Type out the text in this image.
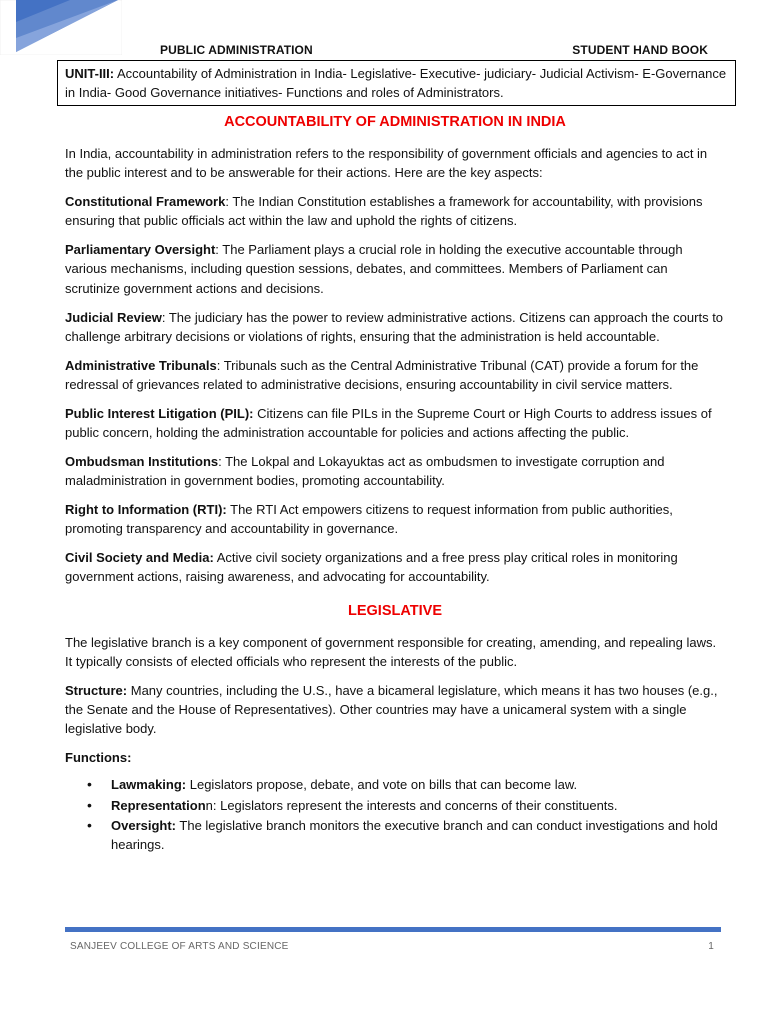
PUBLIC ADMINISTRATION	STUDENT HAND BOOK
UNIT-III: Accountability of Administration in India- Legislative- Executive- judiciary- Judicial Activism- E-Governance in India- Good Governance initiatives- Functions and roles of Administrators.
ACCOUNTABILITY OF ADMINISTRATION IN INDIA

In India, accountability in administration refers to the responsibility of government officials and agencies to act in the public interest and to be answerable for their actions. Here are the key aspects:

Constitutional Framework: The Indian Constitution establishes a framework for accountability, with provisions ensuring that public officials act within the law and uphold the rights of citizens.

Parliamentary Oversight: The Parliament plays a crucial role in holding the executive accountable through various mechanisms, including question sessions, debates, and committees. Members of Parliament can scrutinize government actions and decisions.

Judicial Review: The judiciary has the power to review administrative actions. Citizens can approach the courts to challenge arbitrary decisions or violations of rights, ensuring that the administration is held accountable.

Administrative Tribunals: Tribunals such as the Central Administrative Tribunal (CAT) provide a forum for the redressal of grievances related to administrative decisions, ensuring accountability in civil service matters.

Public Interest Litigation (PIL): Citizens can file PILs in the Supreme Court or High Courts to address issues of public concern, holding the administration accountable for policies and actions affecting the public.

Ombudsman Institutions: The Lokpal and Lokayuktas act as ombudsmen to investigate corruption and maladministration in government bodies, promoting accountability.

Right to Information (RTI): The RTI Act empowers citizens to request information from public authorities, promoting transparency and accountability in governance.

Civil Society and Media: Active civil society organizations and a free press play critical roles in monitoring government actions, raising awareness, and advocating for accountability.

LEGISLATIVE

The legislative branch is a key component of government responsible for creating, amending, and repealing laws. It typically consists of elected officials who represent the interests of the public.

Structure: Many countries, including the U.S., have a bicameral legislature, which means it has two houses (e.g., the Senate and the House of Representatives). Other countries may have a unicameral system with a single legislative body.

Functions:

• Lawmaking: Legislators propose, debate, and vote on bills that can become law.
• Representationn: Legislators represent the interests and concerns of their constituents.
• Oversight: The legislative branch monitors the executive branch and can conduct investigations and hold hearings.
SANJEEV COLLEGE OF ARTS AND SCIENCE	1
